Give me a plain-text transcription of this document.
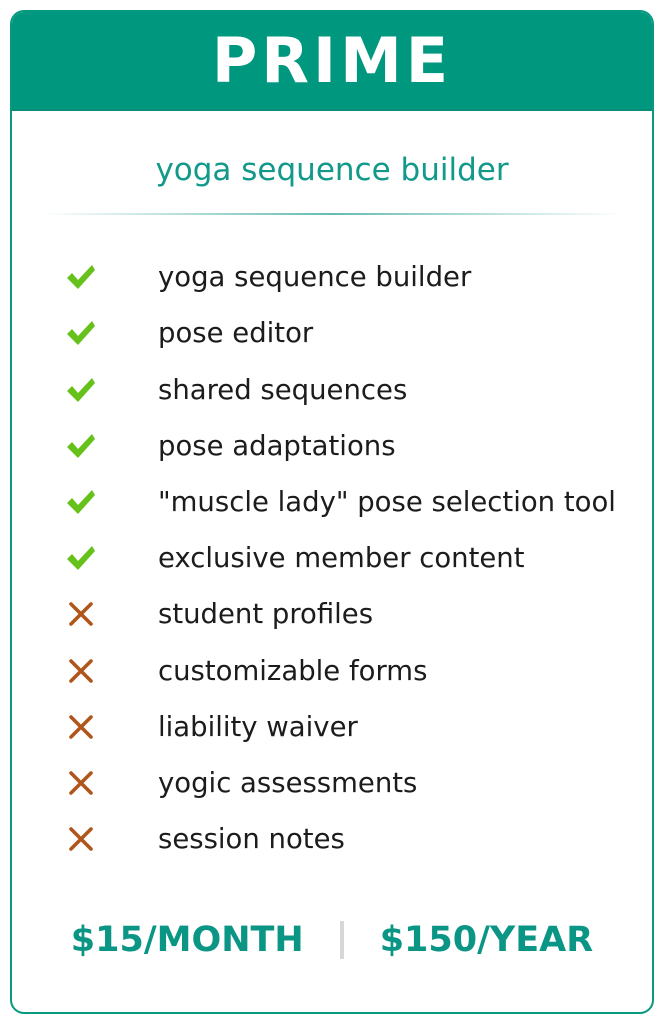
PRIME
yoga sequence builder
yoga sequence builder
pose editor
shared sequences
pose adaptations
"muscle lady" pose selection tool
exclusive member content
student profiles
customizable forms
liability waiver
yogic assessments
session notes
$15/MONTH $150/YEAR
